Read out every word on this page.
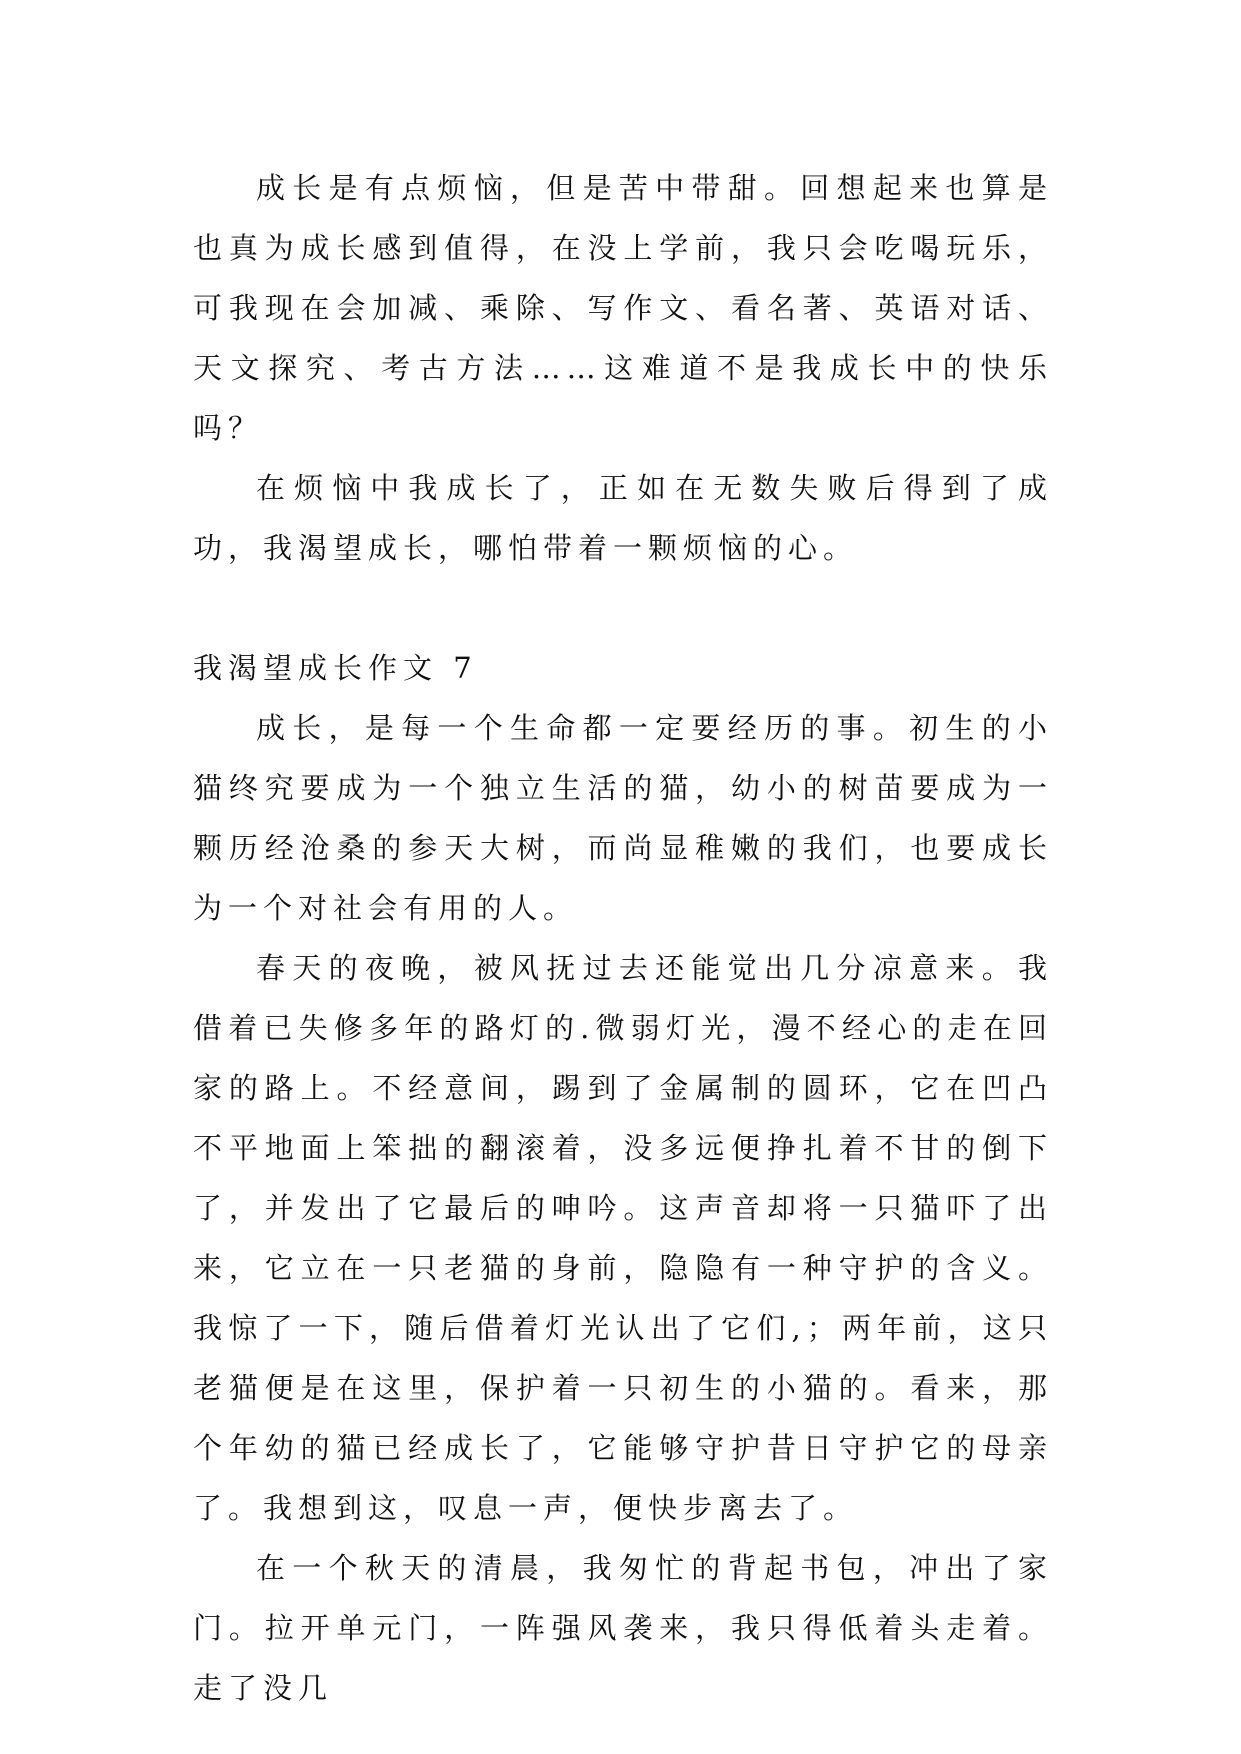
成长是有点烦恼，但是苦中带甜。回想起来也算是也真为成长感到值得，在没上学前，我只会吃喝玩乐，可我现在会加减、乘除、写作文、看名著、英语对话、天文探究、考古方法……这难道不是我成长中的快乐吗？

在烦恼中我成长了，正如在无数失败后得到了成功，我渴望成长，哪怕带着一颗烦恼的心。

我渴望成长作文 7

成长，是每一个生命都一定要经历的事。初生的小猫终究要成为一个独立生活的猫，幼小的树苗要成为一颗历经沧桑的参天大树，而尚显稚嫩的我们，也要成长为一个对社会有用的人。

春天的夜晚，被风抚过去还能觉出几分凉意来。我借着已失修多年的路灯的.微弱灯光，漫不经心的走在回家的路上。不经意间，踢到了金属制的圆环，它在凹凸不平地面上笨拙的翻滚着，没多远便挣扎着不甘的倒下了，并发出了它最后的呻吟。这声音却将一只猫吓了出来，它立在一只老猫的身前，隐隐有一种守护的含义。我惊了一下，随后借着灯光认出了它们,；两年前，这只老猫便是在这里，保护着一只初生的小猫的。看来，那个年幼的猫已经成长了，它能够守护昔日守护它的母亲了。我想到这，叹息一声，便快步离去了。

在一个秋天的清晨，我匆忙的背起书包，冲出了家门。拉开单元门，一阵强风袭来，我只得低着头走着。走了没几
